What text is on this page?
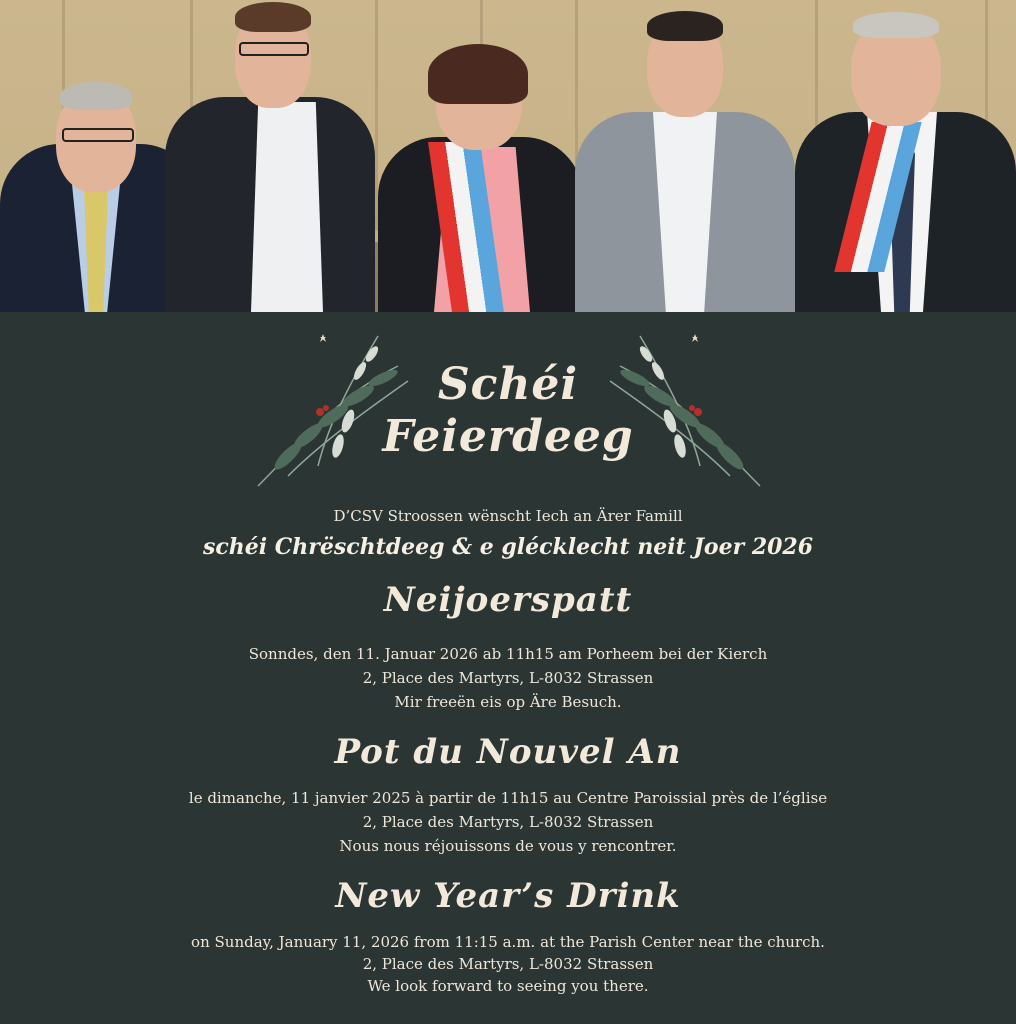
Schéi
Feierdeeg

D’CSV Stroossen wënscht Iech an Ärer Famill

schéi Chrëschtdeeg & e glécklecht neit Joer 2026

Neijoerspatt

Sonndes, den 11. Januar 2026 ab 11h15 am Porheem bei der Kierch

2, Place des Martyrs, L-8032 Strassen

Mir freeën eis op Äre Besuch.

Pot du Nouvel An

le dimanche, 11 janvier 2025 à partir de 11h15 au Centre Paroissial près de l’église

2, Place des Martyrs, L-8032 Strassen

Nous nous réjouissons de vous y rencontrer.

New Year’s Drink

on Sunday, January 11, 2026 from 11:15 a.m. at the Parish Center near the church.

2, Place des Martyrs, L-8032 Strassen

We look forward to seeing you there.
